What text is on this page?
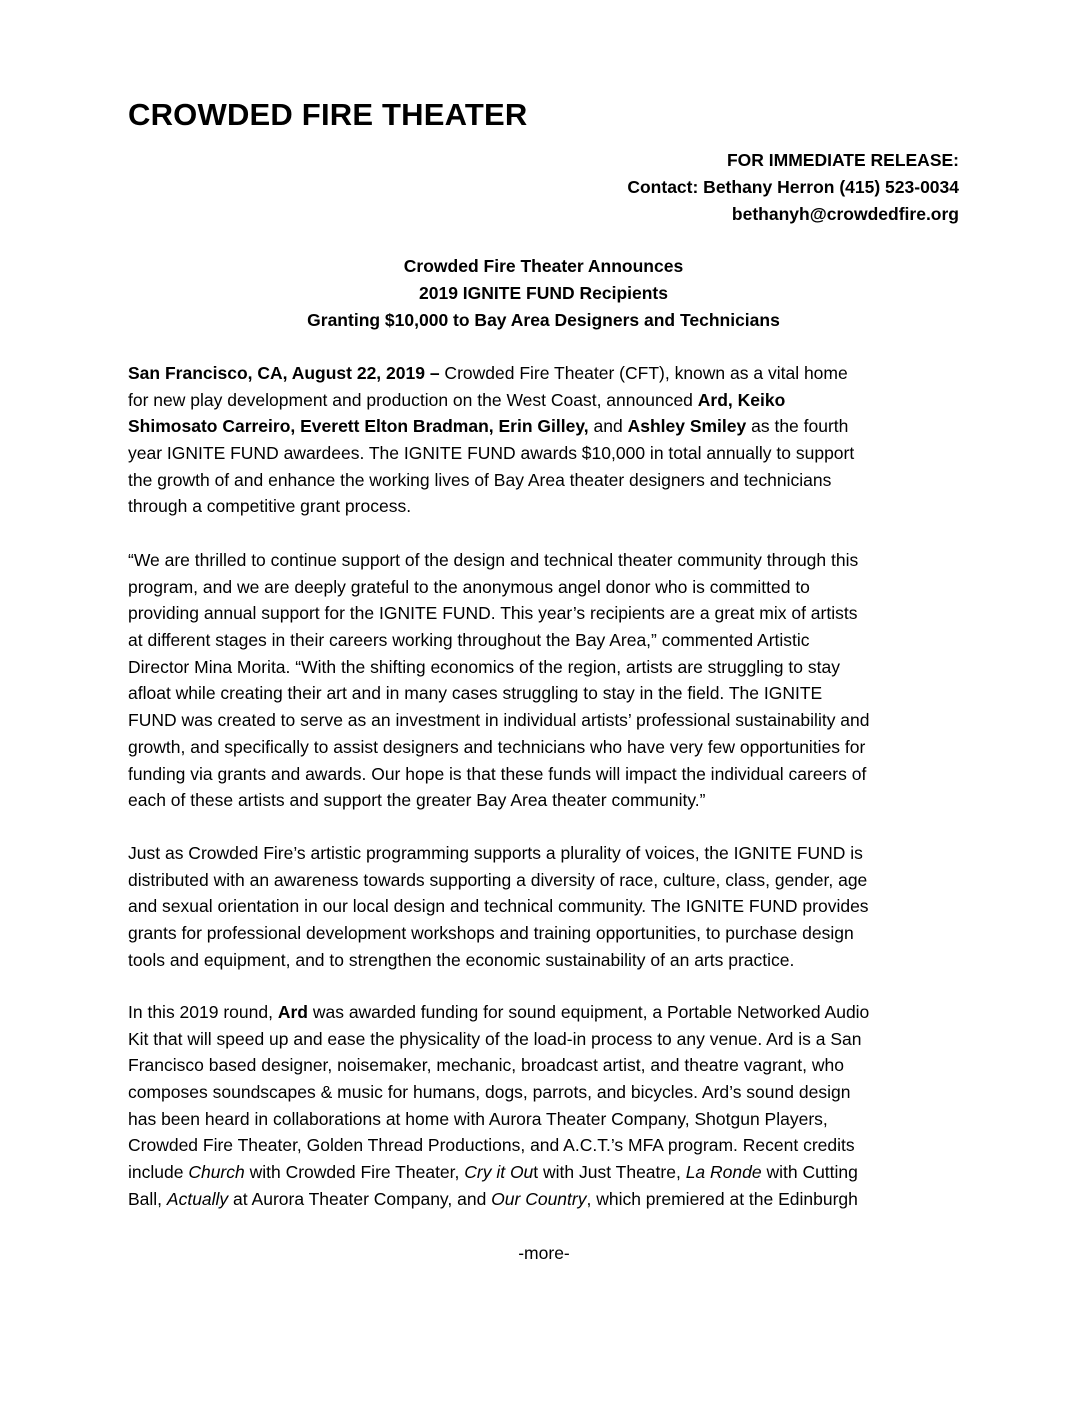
CROWDED FIRE THEATER
FOR IMMEDIATE RELEASE:
Contact: Bethany Herron (415) 523-0034
bethanyh@crowdedfire.org
Crowded Fire Theater Announces
2019 IGNITE FUND Recipients
Granting $10,000 to Bay Area Designers and Technicians
San Francisco, CA, August 22, 2019 – Crowded Fire Theater (CFT), known as a vital home
for new play development and production on the West Coast, announced Ard, Keiko
Shimosato Carreiro, Everett Elton Bradman, Erin Gilley, and Ashley Smiley as the fourth
year IGNITE FUND awardees. The IGNITE FUND awards $10,000 in total annually to support
the growth of and enhance the working lives of Bay Area theater designers and technicians
through a competitive grant process.
“We are thrilled to continue support of the design and technical theater community through this
program, and we are deeply grateful to the anonymous angel donor who is committed to
providing annual support for the IGNITE FUND. This year’s recipients are a great mix of artists
at different stages in their careers working throughout the Bay Area,” commented Artistic
Director Mina Morita. “With the shifting economics of the region, artists are struggling to stay
afloat while creating their art and in many cases struggling to stay in the field. The IGNITE
FUND was created to serve as an investment in individual artists’ professional sustainability and
growth, and specifically to assist designers and technicians who have very few opportunities for
funding via grants and awards. Our hope is that these funds will impact the individual careers of
each of these artists and support the greater Bay Area theater community.”
Just as Crowded Fire’s artistic programming supports a plurality of voices, the IGNITE FUND is
distributed with an awareness towards supporting a diversity of race, culture, class, gender, age
and sexual orientation in our local design and technical community. The IGNITE FUND provides
grants for professional development workshops and training opportunities, to purchase design
tools and equipment, and to strengthen the economic sustainability of an arts practice.
In this 2019 round, Ard was awarded funding for sound equipment, a Portable Networked Audio
Kit that will speed up and ease the physicality of the load-in process to any venue. Ard is a San
Francisco based designer, noisemaker, mechanic, broadcast artist, and theatre vagrant, who
composes soundscapes & music for humans, dogs, parrots, and bicycles. Ard’s sound design
has been heard in collaborations at home with Aurora Theater Company, Shotgun Players,
Crowded Fire Theater, Golden Thread Productions, and A.C.T.’s MFA program. Recent credits
include Church with Crowded Fire Theater, Cry it Out with Just Theatre, La Ronde with Cutting
Ball, Actually at Aurora Theater Company, and Our Country, which premiered at the Edinburgh
-more-
